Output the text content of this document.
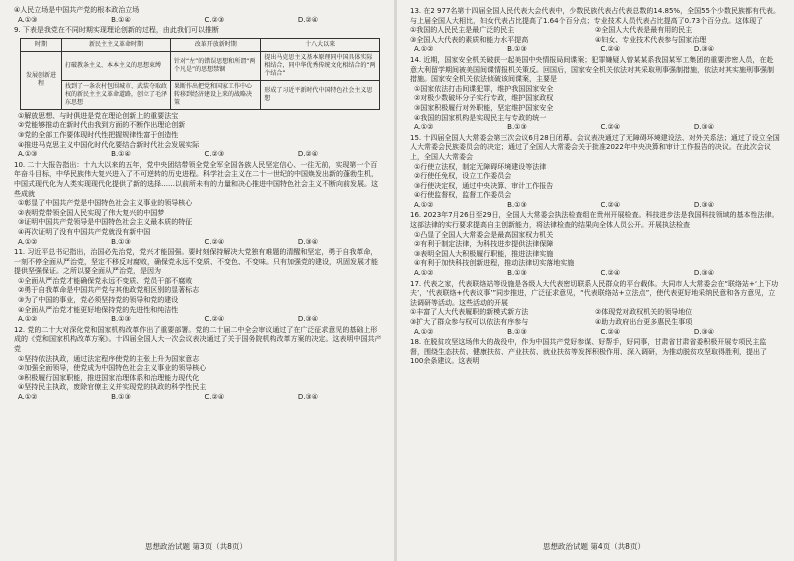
④人民立场是中国共产党的根本政治立场

A.①③	B.①④	C.②③	D.②④

9. 下表是我党在不同时期实现理论创新的过程，由此我们可以推断

时期	新民主主义革命时期	改革开放新时期	十八大以来
发展创新进程	打破教条主义、本本主义的思想束缚	针对“左”的错误思想和所谓“两个凡是”的思想禁锢	提出马克思主义基本原理同中国具体实际相结合，同中华优秀传统文化相结合的“两个结合”
	找到了一条农村包围城市、武装夺取政权的新民主主义革命道路，创立了毛泽东思想	果断作出把党和国家工作中心转移到经济建设上来的战略决策	形成了习近平新时代中国特色社会主义思想

①解放思想、与时俱进是党在理论创新上的重要法宝

②党能够推动在新时代由我到方面的不断作出理论创新

③党的全部工作要体现时代性把握规律性富于创造性

④推进马克思主义中国化时代化要结合新时代社会发展实际

A.①③	B.①④	C.②③	D.②④

10. 二十大报告指出：十九大以来的五年，党中央团结带领全党全军全国各族人民坚定信心、一往无前，实现第一个百年奋斗目标，中华民族伟大复兴进入了不可逆转的历史进程。科学社会主义在二十一世纪的中国焕发出新的蓬勃生机，中国式现代化为人类实现现代化提供了新的选择……以前所未有的力量和决心推进中国特色社会主义不断向前发展。这些成就

①彰显了中国共产党是中国特色社会主义事业的领导核心

②表明党带领全国人民实现了伟大复兴的中国梦

③证明中国共产党领导是中国特色社会主义最本质的特征

④再次证明了没有中国共产党就没有新中国

A.①②	B.①③	C.②④	D.③④

11. 习近平总书记指出，治国必先治党，党兴才能国强。要时刻保持解决大党独有难题的清醒和坚定，勇于自我革命，一刻不停全面从严治党，坚定不移反对腐败，确保党永远不变质、不变色、不变味。只有加强党的建设，巩固发展才能提供坚强保证。之所以要全面从严治党，是因为

①全面从严治党才能确保党永远不变质、党员干部不腐败

②勇于自我革命是中国共产党与其他政党相区别的显著标志

③为了中国的事业，党必须坚持党的领导和党的建设

④全面从严治党才能更好地保持党的先进性和纯洁性

A.①②	B.①③	C.②④	D.③④

12. 党的二十大对深化党和国家机构改革作出了重要部署。党的二十届二中全会审议通过了在广泛征求意见的基础上形成的《党和国家机构改革方案》。十四届全国人大一次会议表决通过了关于国务院机构改革方案的决定。这表明中国共产党

①坚持依法执政，通过法定程序使党的主张上升为国家意志

②加强全面领导，使党成为中国特色社会主义事业的领导核心

③积极履行国家职能，推进国家治理体系和治理能力现代化

④坚持民主执政，废除官僚主义并实现党的执政的科学性民主

A.①②	B.①③	C.②④	D.③④
思想政治试题 第3页（共8页）

13. 在2 977名第十四届全国人民代表大会代表中，少数民族代表占代表总数的14.85%，全国55个少数民族都有代表。与上届全国人大相比，妇女代表占比提高了1.64个百分点；专业技术人员代表占比提高了0.73个百分点。这体现了

①我国的人民民主是最广泛的民主	②全国人大代表是最有用的民主
③全国人大代表的素质和能力水平提高	④妇女、专业技术代表参与国家治理
A.①②	B.①③	C.②④	D.③④

14. 近期，国家安全机关破获一起美国中央情报局间谍案；犯罪嫌疑人曾某某系我国某军工集团的重要涉密人员，在赴意大利留学期间被美国间谍情报机关策反。回国后，国家安全机关依法对其采取刑事强制措施，依法对其实施刑事强制措施。国家安全机关依法侦破该间谍案，主要是

①国家依法打击间谍犯罪，维护我国国家安全

②对极少数破坏分子实行专政，维护国家政权

③国家积极履行对外职能，坚定维护国家安全

④我国的国家机构是实现民主与专政的统一

A.①②	B.①③	C.②④	D.③④

15. 十四届全国人大常委会第三次会议6月28日闭幕。会议表决通过了无障碍环境建设法、对外关系法；通过了设立全国人大常委会民族委员会的决定；通过了全国人大常委会关于批准2022年中央决算和审计工作报告的决议。在此次会议上，全国人大常委会

①行使立法权，制定无障碍环境建设等法律

②行使任免权，设立工作委员会

③行使决定权，通过中央决算、审计工作报告

④行使监督权，监督工作委员会

A.①②	B.①③	C.②④	D.③④

16. 2023年7月26日至29日，全国人大常委会执法检查组在贵州开展检查。科技进步法是我国科技领域的基本性法律。这部法律的实行要求提高自主创新能力，将法律检查的结果向全体人员公开。开展执法检查

①凸显了全国人大常委会是最高国家权力机关

②有利于制定法律，为科技进步提供法律保障

③表明全国人大积极履行职能，推进法律实施

④有利于加快科技创新进程，推动法律切实落地实施

A.①②	B.①③	C.②④	D.③④

17. 代表之家，代表联络站等设施是各级人大代表密切联系人民群众的平台载体。大同市人大常委会在“联络站+‘上下功夫’，‘代表联络+代表议事’”同步推进，广泛征求意见，“代表联络站+立法点”，使代表更好地采纳民意和各方意见，立法调研等活动。这些活动的开展

①丰富了人大代表履职的新模式新方法	②体现党对政权机关的领导地位
③扩大了群众参与权可以依法有序参与	④助力政府出台更多惠民生事项
A.①②	B.①③	C.②④	D.③④

18. 在脱贫攻坚这场伟大的战役中，作为中国共产党好参谋、好帮手，好同事，甘肃省甘肃省委积极开展专项民主监督，围绕生态扶贫、健康扶贫、产业扶贫、就业扶贫等发挥积极作用、深入调研，为推动脱贫攻坚取得胜利，提出了100余条建议。这表明

思想政治试题 第4页（共8页）
